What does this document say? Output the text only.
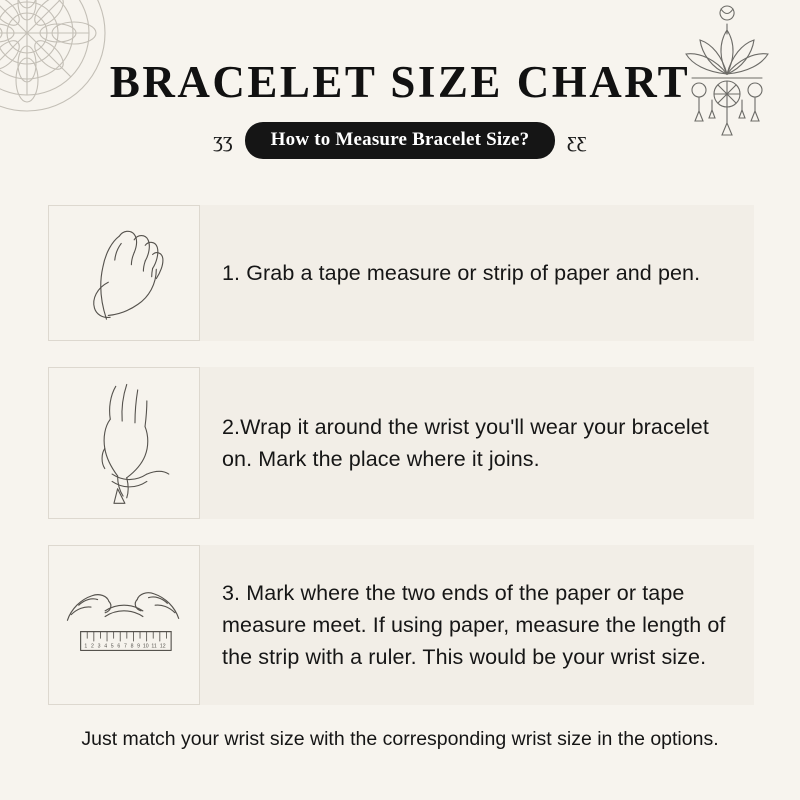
BRACELET SIZE CHART
ʒʒ	How to Measure Bracelet Size?	ʒʒ
1. Grab a tape measure or strip of paper and pen.
2.Wrap it around the wrist you'll wear your bracelet on. Mark the place where it joins.
1 2 3 4 5 6 7 8 9 10 11 12
3. Mark where the two ends of the paper or tape measure meet. If using paper, measure the length of the strip with a ruler. This would be your wrist size.
Just match your wrist size with the corresponding wrist size in the options.
